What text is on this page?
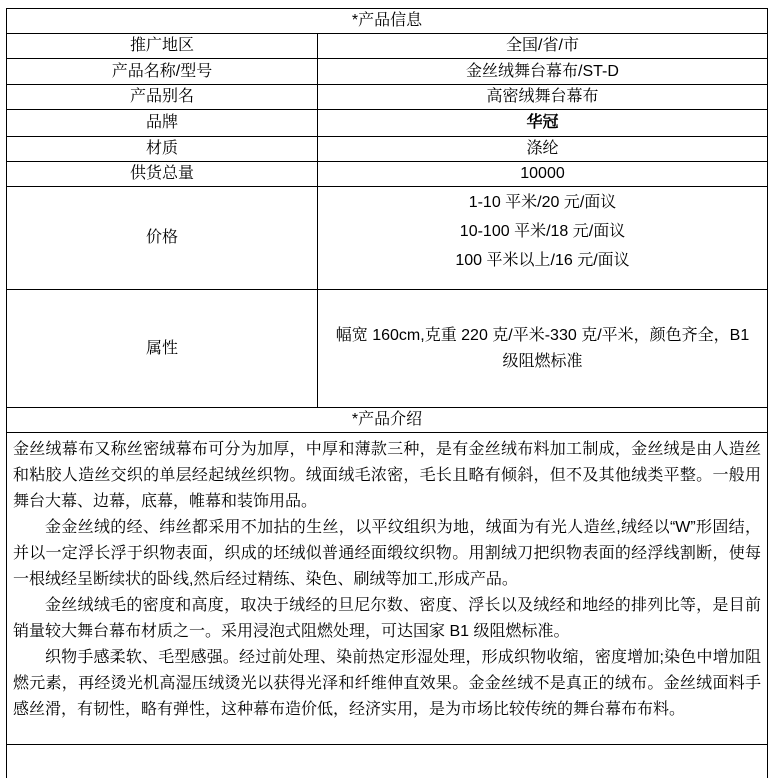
*产品信息	
推广地区	全国/省/市
产品名称/型号	金丝绒舞台幕布/ST-D
产品别名	高密绒舞台幕布
品牌	华冠
材质	涤纶
供货总量	10000
价格	1-10 平米/20 元/面议
10-100 平米/18 元/面议
100 平米以上/16 元/面议

属性	幅宽 160cm,克重 220 克/平米-330 克/平米，颜色齐全，B1 级阻燃标准
*产品介绍	

金丝绒幕布又称丝密绒幕布可分为加厚，中厚和薄款三种，是有金丝绒布料加工制成，金丝绒是由人造丝和粘胶人造丝交织的单层经起绒丝织物。绒面绒毛浓密，毛长且略有倾斜，但不及其他绒类平整。一般用舞台大幕、边幕，底幕，帷幕和装饰用品。

金金丝绒的经、纬丝都采用不加拈的生丝，以平纹组织为地，绒面为有光人造丝,绒经以“W”形固结，并以一定浮长浮于织物表面，织成的坯绒似普通经面缎纹织物。用割绒刀把织物表面的经浮线割断，使每一根绒经呈断续状的卧线,然后经过精练、染色、刷绒等加工,形成产品。

金丝绒绒毛的密度和高度，取决于绒经的旦尼尔数、密度、浮长以及绒经和地经的排列比等，是目前销量较大舞台幕布材质之一。采用浸泡式阻燃处理，可达国家 B1 级阻燃标准。

织物手感柔软、毛型感强。经过前处理、染前热定形湿处理，形成织物收缩，密度增加;染色中增加阻燃元素，再经烫光机高湿压绒烫光以获得光泽和纤维伸直效果。金金丝绒不是真正的绒布。金丝绒面料手感丝滑，有韧性，略有弹性，这种幕布造价低，经济实用，是为市场比较传统的舞台幕布布料。	
